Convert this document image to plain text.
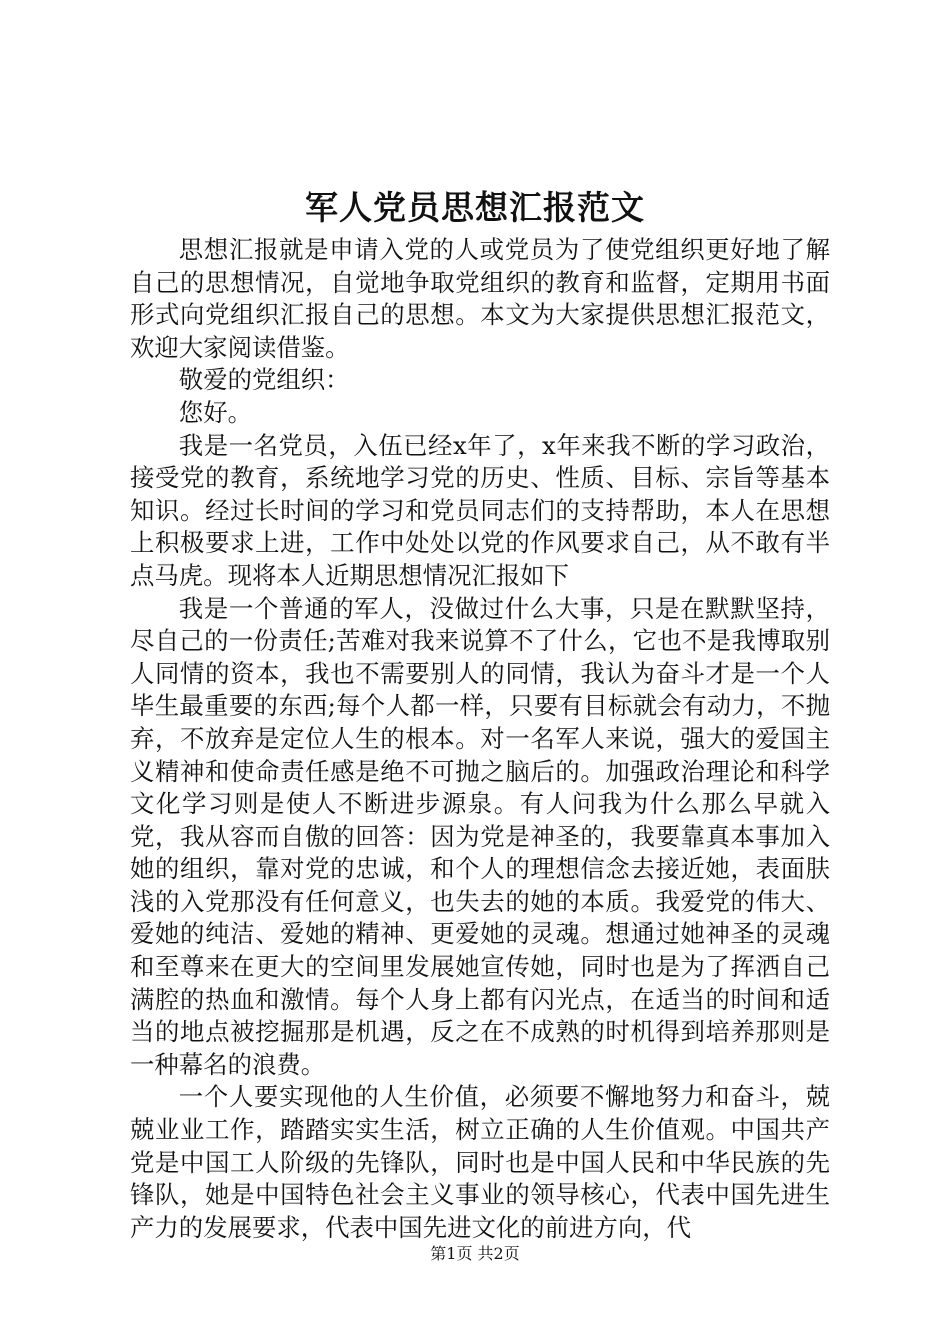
军人党员思想汇报范文

思想汇报就是申请入党的人或党员为了使党组织更好地了解自己的思想情况，自觉地争取党组织的教育和监督，定期用书面形式向党组织汇报自己的思想。本文为大家提供思想汇报范文，欢迎大家阅读借鉴。

敬爱的党组织：

您好。

我是一名党员，入伍已经x年了，x年来我不断的学习政治，接受党的教育，系统地学习党的历史、性质、目标、宗旨等基本知识。经过长时间的学习和党员同志们的支持帮助，本人在思想上积极要求上进，工作中处处以党的作风要求自己，从不敢有半点马虎。现将本人近期思想情况汇报如下

我是一个普通的军人，没做过什么大事，只是在默默坚持，尽自己的一份责任;苦难对我来说算不了什么，它也不是我博取别人同情的资本，我也不需要别人的同情，我认为奋斗才是一个人毕生最重要的东西;每个人都一样，只要有目标就会有动力，不抛弃，不放弃是定位人生的根本。对一名军人来说，强大的爱国主义精神和使命责任感是绝不可抛之脑后的。加强政治理论和科学文化学习则是使人不断进步源泉。有人问我为什么那么早就入党，我从容而自傲的回答：因为党是神圣的，我要靠真本事加入她的组织，靠对党的忠诚，和个人的理想信念去接近她，表面肤浅的入党那没有任何意义，也失去的她的本质。我爱党的伟大、爱她的纯洁、爱她的精神、更爱她的灵魂。想通过她神圣的灵魂和至尊来在更大的空间里发展她宣传她，同时也是为了挥洒自己满腔的热血和激情。每个人身上都有闪光点，在适当的时间和适当的地点被挖掘那是机遇，反之在不成熟的时机得到培养那则是一种幕名的浪费。

一个人要实现他的人生价值，必须要不懈地努力和奋斗，兢兢业业工作，踏踏实实生活，树立正确的人生价值观。中国共产党是中国工人阶级的先锋队，同时也是中国人民和中华民族的先锋队，她是中国特色社会主义事业的领导核心，代表中国先进生产力的发展要求，代表中国先进文化的前进方向，代

第1页 共2页
